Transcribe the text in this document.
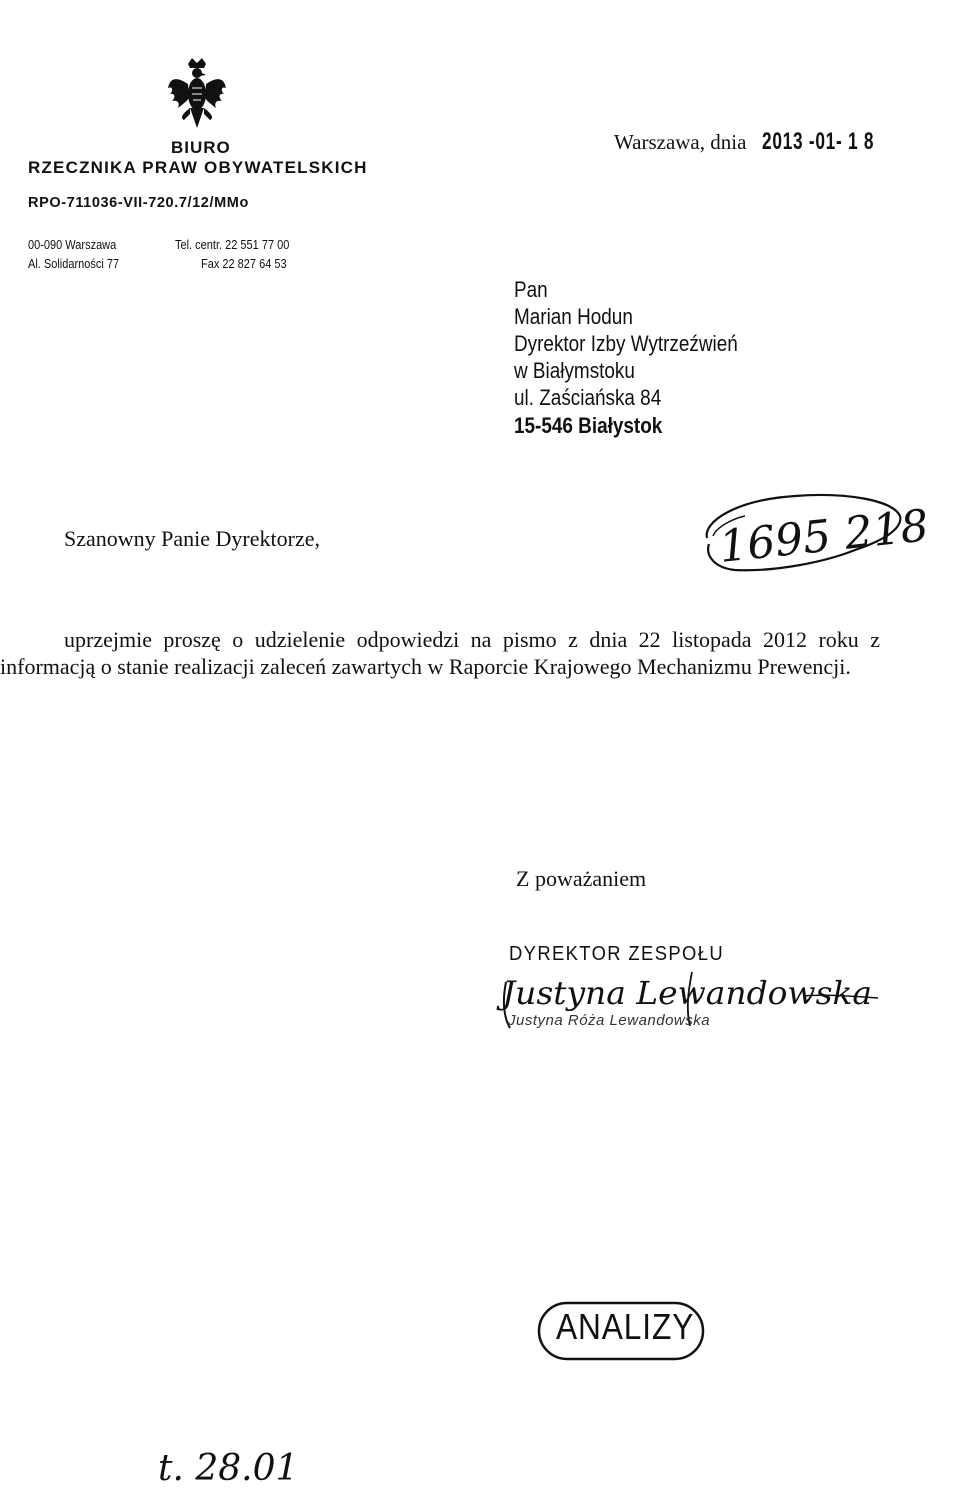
BIURO
RZECZNIKA PRAW OBYWATELSKICH
RPO-711036-VII-720.7/12/MMo
00-090 Warszawa
Al. Solidarności 77
Tel. centr. 22 551 77 00
Fax 22 827 64 53
Warszawa, dnia 2013 -01- 1 8
Pan
Marian Hodun
Dyrektor Izby Wytrzeźwień
w Białymstoku
ul. Zaściańska 84
15-546 Białystok
Szanowny Panie Dyrektorze,	1695 218
uprzejmie proszę o udzielenie odpowiedzi na pismo z dnia 22 listopada 2012 roku z informacją o stanie realizacji zaleceń zawartych w Raporcie Krajowego Mechanizmu Prewencji.
Z poważaniem
DYREKTOR ZESPOŁU
Justyna Lewandowska
Justyna Róża Lewandowska
ANALIZY
t. 28.01
